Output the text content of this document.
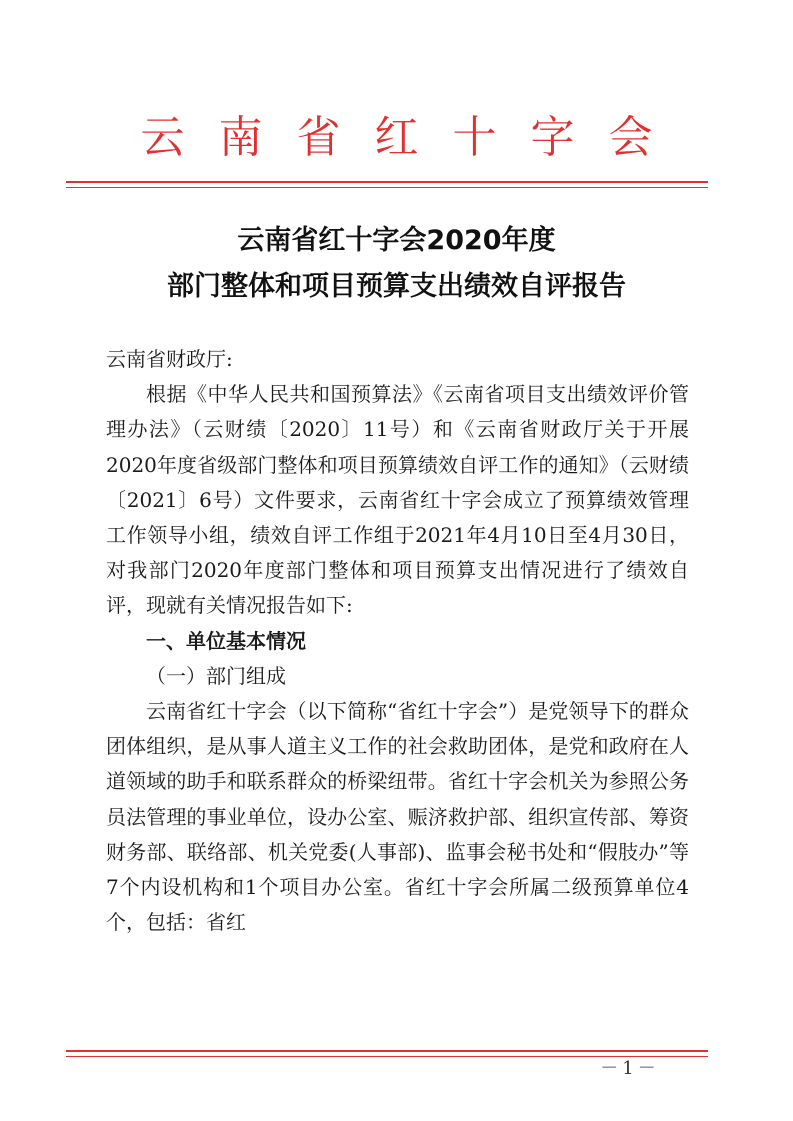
云南省红十字会
云南省红十字会2020年度
部门整体和项目预算支出绩效自评报告

云南省财政厅:

根据《中华人民共和国预算法》《云南省项目支出绩效评价管理办法》（云财绩〔2020〕11号）和《云南省财政厅关于开展2020年度省级部门整体和项目预算绩效自评工作的通知》（云财绩〔2021〕6号）文件要求，云南省红十字会成立了预算绩效管理工作领导小组，绩效自评工作组于2021年4月10日至4月30日，对我部门2020年度部门整体和项目预算支出情况进行了绩效自评，现就有关情况报告如下:

一、单位基本情况

（一）部门组成

云南省红十字会（以下简称“省红十字会”）是党领导下的群众团体组织，是从事人道主义工作的社会救助团体，是党和政府在人道领域的助手和联系群众的桥梁纽带。省红十字会机关为参照公务员法管理的事业单位，设办公室、赈济救护部、组织宣传部、筹资财务部、联络部、机关党委(人事部)、监事会秘书处和“假肢办”等7个内设机构和1个项目办公室。省红十字会所属二级预算单位4个，包括：省红

－1－
